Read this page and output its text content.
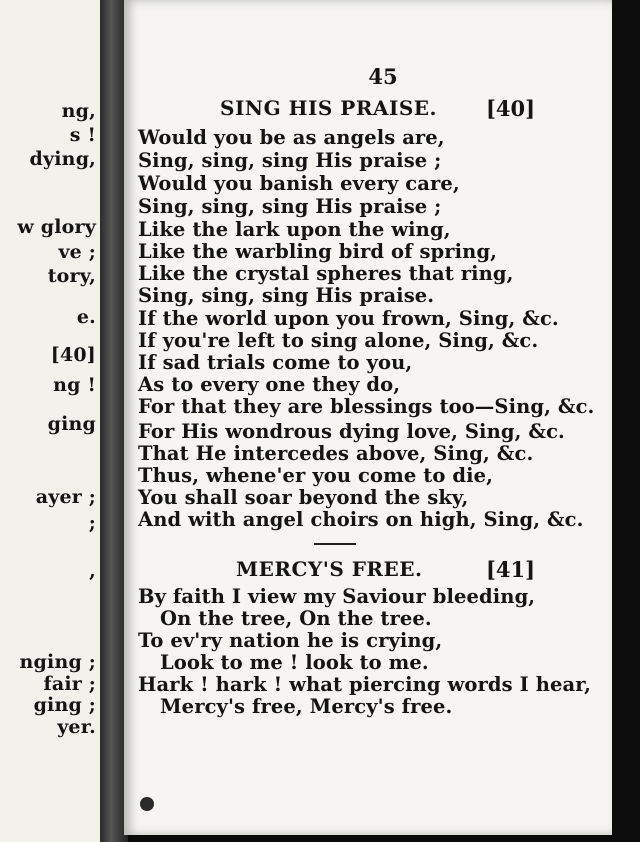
ng,
s !
dying,
w glory
ve ;
tory,
e.
[40]
ng !
ging
ayer ;
;
,
nging ;
fair ;
ging ;
yer.
45
SING HIS PRAISE. [40]
Would you be as angels are,
Sing, sing, sing His praise ;
Would you banish every care,
Sing, sing, sing His praise ;
Like the lark upon the wing,
Like the warbling bird of spring,
Like the crystal spheres that ring,
Sing, sing, sing His praise.
If the world upon you frown, Sing, &c.
If you're left to sing alone, Sing, &c.
If sad trials come to you,
As to every one they do,
For that they are blessings too—Sing, &c.
For His wondrous dying love, Sing, &c.
That He intercedes above, Sing, &c.
Thus, whene'er you come to die,
You shall soar beyond the sky,
And with angel choirs on high, Sing, &c.
MERCY'S FREE.	[41]
By faith I view my Saviour bleeding,
On the tree, On the tree.
To ev'ry nation he is crying,
Look to me ! look to me.
Hark ! hark ! what piercing words I hear,
Mercy's free, Mercy's free.
